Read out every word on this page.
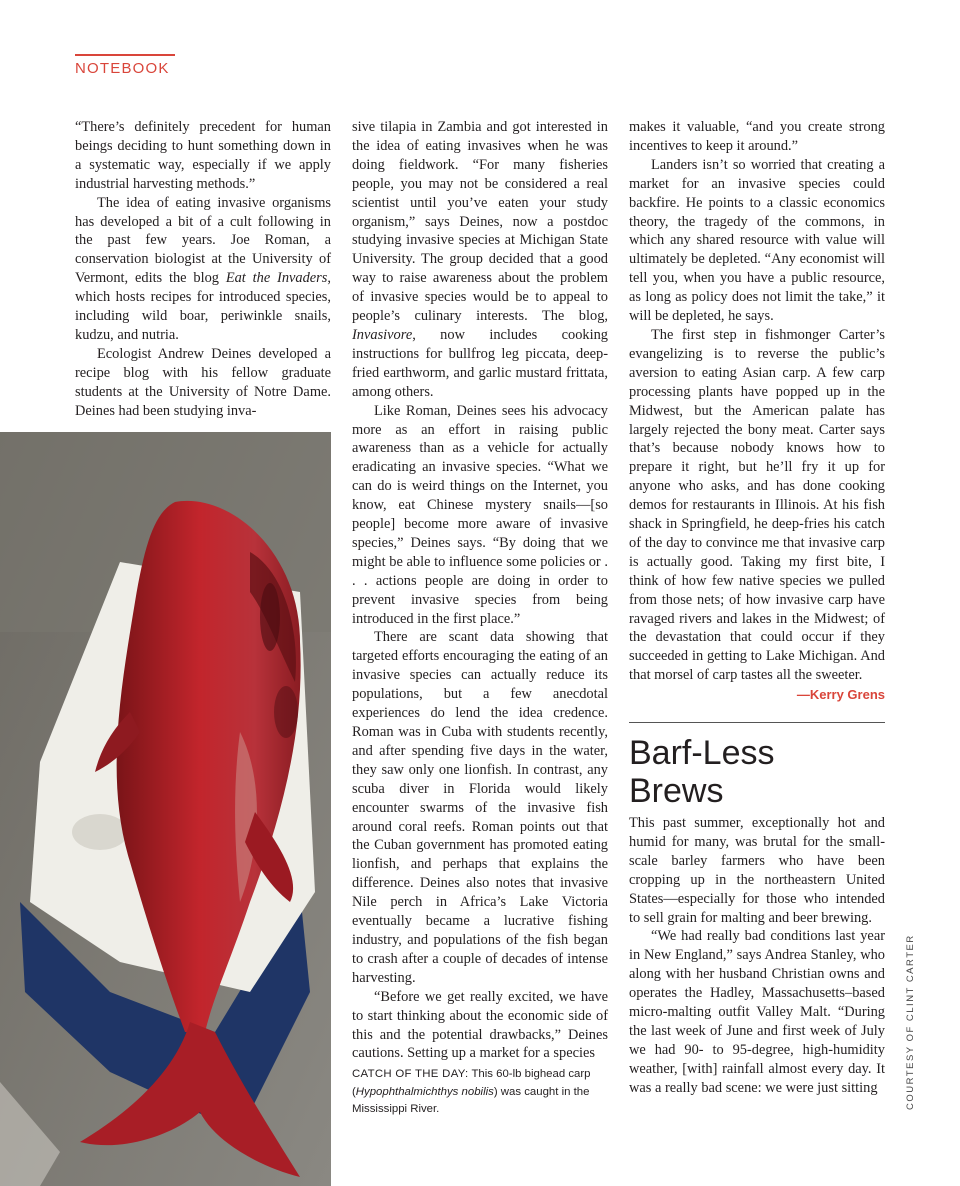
NOTEBOOK

“There’s definitely precedent for human beings deciding to hunt something down in a systematic way, especially if we apply industrial harvesting methods.”

The idea of eating invasive organisms has developed a bit of a cult following in the past few years. Joe Roman, a conservation biologist at the University of Vermont, edits the blog Eat the Invaders, which hosts recipes for introduced species, including wild boar, periwinkle snails, kudzu, and nutria.

Ecologist Andrew Deines developed a recipe blog with his fellow graduate students at the University of Notre Dame. Deines had been studying inva-

sive tilapia in Zambia and got interested in the idea of eating invasives when he was doing fieldwork. “For many fisheries people, you may not be considered a real scientist until you’ve eaten your study organism,” says Deines, now a postdoc studying invasive species at Michigan State University. The group decided that a good way to raise awareness about the problem of invasive species would be to appeal to people’s culinary interests. The blog, Invasivore, now includes cooking instructions for bullfrog leg piccata, deep-fried earthworm, and garlic mustard frittata, among others.

Like Roman, Deines sees his advocacy more as an effort in raising public awareness than as a vehicle for actually eradicating an invasive species. “What we can do is weird things on the Internet, you know, eat Chinese mystery snails—[so people] become more aware of invasive species,” Deines says. “By doing that we might be able to influence some policies or . . . actions people are doing in order to prevent invasive species from being introduced in the first place.”

There are scant data showing that targeted efforts encouraging the eating of an invasive species can actually reduce its populations, but a few anecdotal experiences do lend the idea credence. Roman was in Cuba with students recently, and after spending five days in the water, they saw only one lionfish. In contrast, any scuba diver in Florida would likely encounter swarms of the invasive fish around coral reefs. Roman points out that the Cuban government has promoted eating lionfish, and perhaps that explains the difference. Deines also notes that invasive Nile perch in Africa’s Lake Victoria eventually became a lucrative fishing industry, and populations of the fish began to crash after a couple of decades of intense harvesting.

“Before we get really excited, we have to start thinking about the economic side of this and the potential drawbacks,” Deines cautions. Setting up a market for a species

makes it valuable, “and you create strong incentives to keep it around.”

Landers isn’t so worried that creating a market for an invasive species could backfire. He points to a classic economics theory, the tragedy of the commons, in which any shared resource with value will ultimately be depleted. “Any economist will tell you, when you have a public resource, as long as policy does not limit the take,” it will be depleted, he says.

The first step in fishmonger Carter’s evangelizing is to reverse the public’s aversion to eating Asian carp. A few carp processing plants have popped up in the Midwest, but the American palate has largely rejected the bony meat. Carter says that’s because nobody knows how to prepare it right, but he’ll fry it up for anyone who asks, and has done cooking demos for restaurants in Illinois. At his fish shack in Springfield, he deep-fries his catch of the day to convince me that invasive carp is actually good. Taking my first bite, I think of how few native species we pulled from those nets; of how invasive carp have ravaged rivers and lakes in the Midwest; of the devastation that could occur if they succeeded in getting to Lake Michigan. And that morsel of carp tastes all the sweeter.

—Kerry Grens
Barf-Less
Brews

This past summer, exceptionally hot and humid for many, was brutal for the small-scale barley farmers who have been cropping up in the northeastern United States—especially for those who intended to sell grain for malting and beer brewing.

“We had really bad conditions last year in New England,” says Andrea Stanley, who along with her husband Christian owns and operates the Hadley, Massachusetts–based micro-malting outfit Valley Malt. “During the last week of June and first week of July we had 90- to 95-degree, high-humidity weather, [with] rainfall almost every day. It was a really bad scene: we were just sitting

CATCH OF THE DAY: This 60-lb bighead carp (Hypophthalmichthys nobilis) was caught in the Mississippi River.	COURTESY OF CLINT CARTER
